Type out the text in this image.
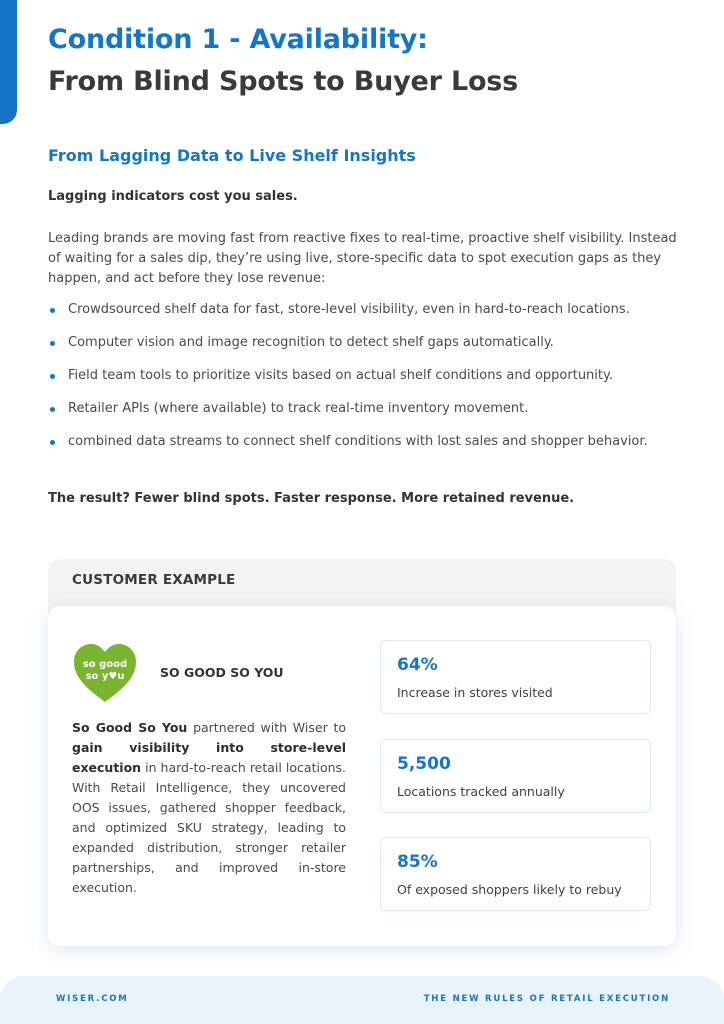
Condition 1 - Availability:
From Blind Spots to Buyer Loss
From Lagging Data to Live Shelf Insights

Lagging indicators cost you sales.

Leading brands are moving fast from reactive fixes to real-time, proactive shelf visibility. Instead of waiting for a sales dip, they’re using live, store-specific data to spot execution gaps as they happen, and act before they lose revenue:

Crowdsourced shelf data for fast, store-level visibility, even in hard-to-reach locations.
Computer vision and image recognition to detect shelf gaps automatically.
Field team tools to prioritize visits based on actual shelf conditions and opportunity.
Retailer APIs (where available) to track real-time inventory movement.
combined data streams to connect shelf conditions with lost sales and shopper behavior.

The result? Fewer blind spots. Faster response. More retained revenue.

CUSTOMER EXAMPLE
so good
so y♥u	SO GOOD SO YOU

So Good So You partnered with Wiser to gain visibility into store-level execution in hard-to-reach retail locations. With Retail Intelligence, they uncovered OOS issues, gathered shopper feedback, and optimized SKU strategy, leading to expanded distribution, stronger retailer partnerships, and improved in-store execution.

64%
Increase in stores visited
5,500
Locations tracked annually
85%
Of exposed shoppers likely to rebuy
WISER.COM	THE NEW RULES OF RETAIL EXECUTION
